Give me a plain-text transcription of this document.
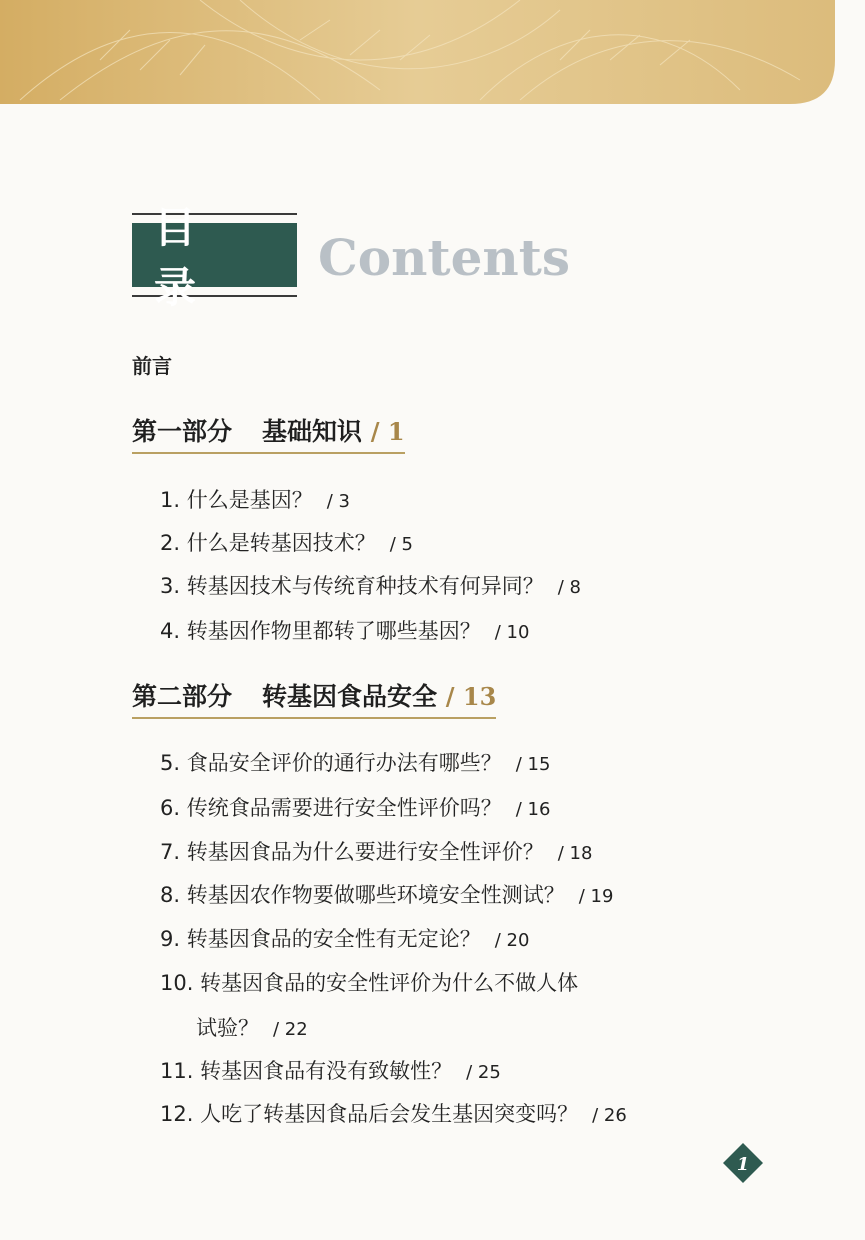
目 录
Contents
前言
第一部分 基础知识 / 1
1. 什么是基因？ / 3
2. 什么是转基因技术？ / 5
3. 转基因技术与传统育种技术有何异同？ / 8
4. 转基因作物里都转了哪些基因？ / 10
第二部分 转基因食品安全 / 13
5. 食品安全评价的通行办法有哪些？ / 15
6. 传统食品需要进行安全性评价吗？ / 16
7. 转基因食品为什么要进行安全性评价？ / 18
8. 转基因农作物要做哪些环境安全性测试？ / 19
9. 转基因食品的安全性有无定论？ / 20
10. 转基因食品的安全性评价为什么不做人体
试验？ / 22
11. 转基因食品有没有致敏性？ / 25
12. 人吃了转基因食品后会发生基因突变吗？ / 26
1
